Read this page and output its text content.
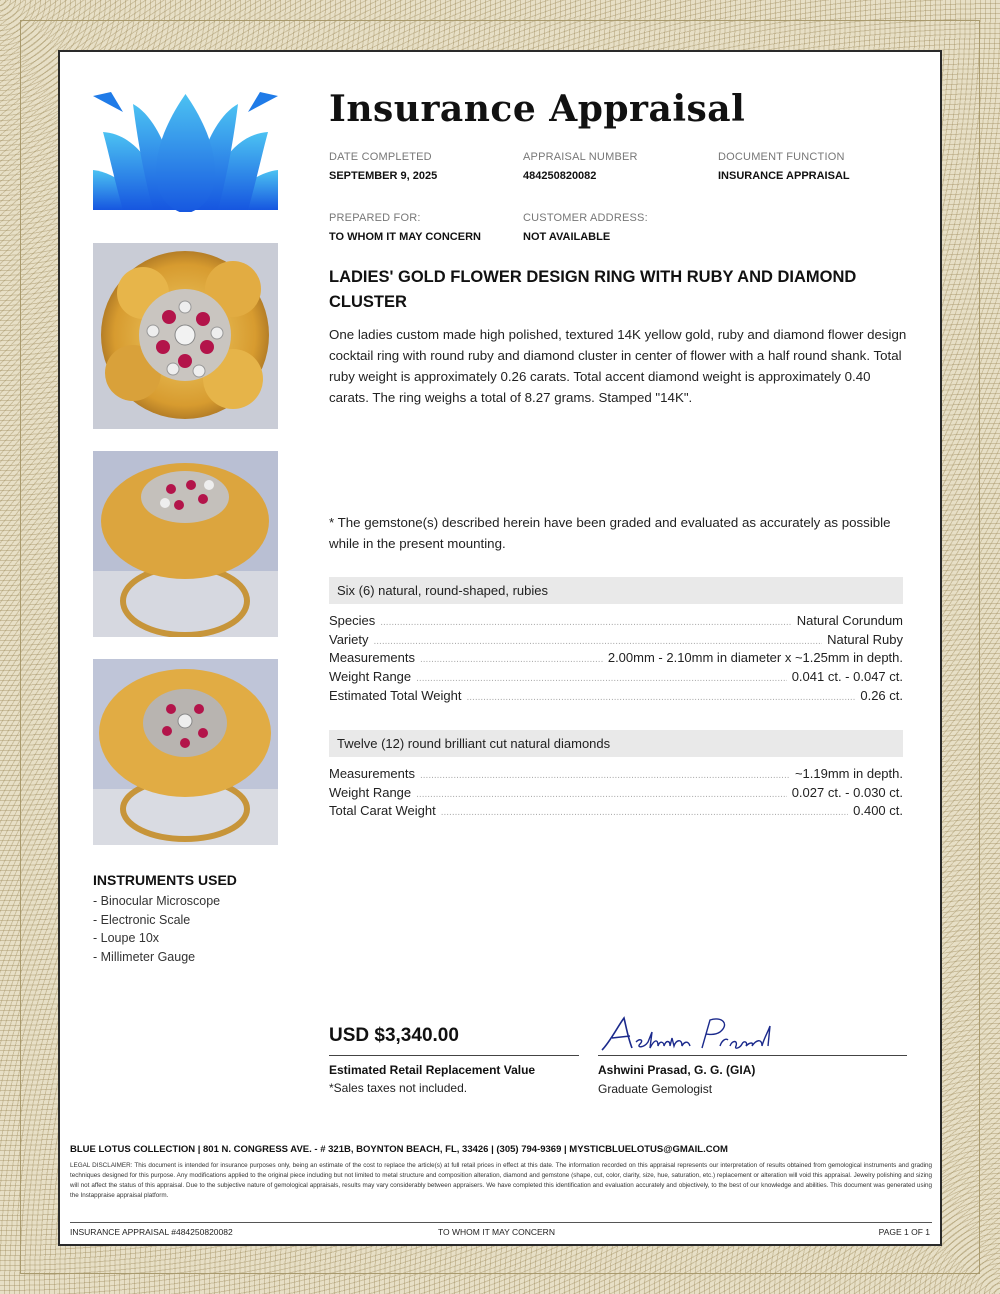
INSTRUMENTS USED
- Binocular Microscope
- Electronic Scale
- Loupe 10x
- Millimeter Gauge
Insurance Appraisal
DATE COMPLETED
SEPTEMBER 9, 2025
APPRAISAL NUMBER
484250820082
DOCUMENT FUNCTION
INSURANCE APPRAISAL
PREPARED FOR:
TO WHOM IT MAY CONCERN
CUSTOMER ADDRESS:
NOT AVAILABLE
LADIES' GOLD FLOWER DESIGN RING WITH RUBY AND DIAMOND CLUSTER
One ladies custom made high polished, textured 14K yellow gold, ruby and diamond flower design cocktail ring with round ruby and diamond cluster in center of flower with a half round shank. Total ruby weight is approximately 0.26 carats. Total accent diamond weight is approximately 0.40 carats. The ring weighs a total of 8.27 grams. Stamped "14K".
* The gemstone(s) described herein have been graded and evaluated as accurately as possible while in the present mounting.
Six (6) natural, round-shaped, rubies
Species .....	Natural Corundum
Variety .....	Natural Ruby
Measurements .....	2.00mm - 2.10mm in diameter x ~1.25mm in depth.
Weight Range .....	0.041 ct. - 0.047 ct.
Estimated Total Weight .....	0.26 ct.
Twelve (12) round brilliant cut natural diamonds
Measurements .....	~1.19mm in depth.
Weight Range .....	0.027 ct. - 0.030 ct.
Total Carat Weight .....	0.400 ct.
USD $3,340.00
Estimated Retail Replacement Value
*Sales taxes not included.
Ashwini Prasad, G. G. (GIA)
Graduate Gemologist
BLUE LOTUS COLLECTION | 801 N. CONGRESS AVE. - # 321B, BOYNTON BEACH, FL, 33426 | (305) 794-9369 | MYSTICBLUELOTUS@GMAIL.COM
LEGAL DISCLAIMER: This document is intended for insurance purposes only, being an estimate of the cost to replace the article(s) at full retail prices in effect at this date. The information recorded on this appraisal represents our interpretation of results obtained from gemological instruments and grading techniques designed for this purpose. Any modifications applied to the original piece including but not limited to metal structure and composition alteration, diamond and gemstone (shape, cut, color, clarity, size, hue, saturation, etc.) replacement or alteration will void this appraisal. Jewelry polishing and sizing will not affect the status of this appraisal. Due to the subjective nature of gemological appraisals, results may vary considerably between appraisers. We have completed this identification and evaluation accurately and objectively, to the best of our knowledge and abilities. This document was generated using the Instappraise appraisal platform.
INSURANCE APPRAISAL #484250820082	TO WHOM IT MAY CONCERN	PAGE 1 OF 1
